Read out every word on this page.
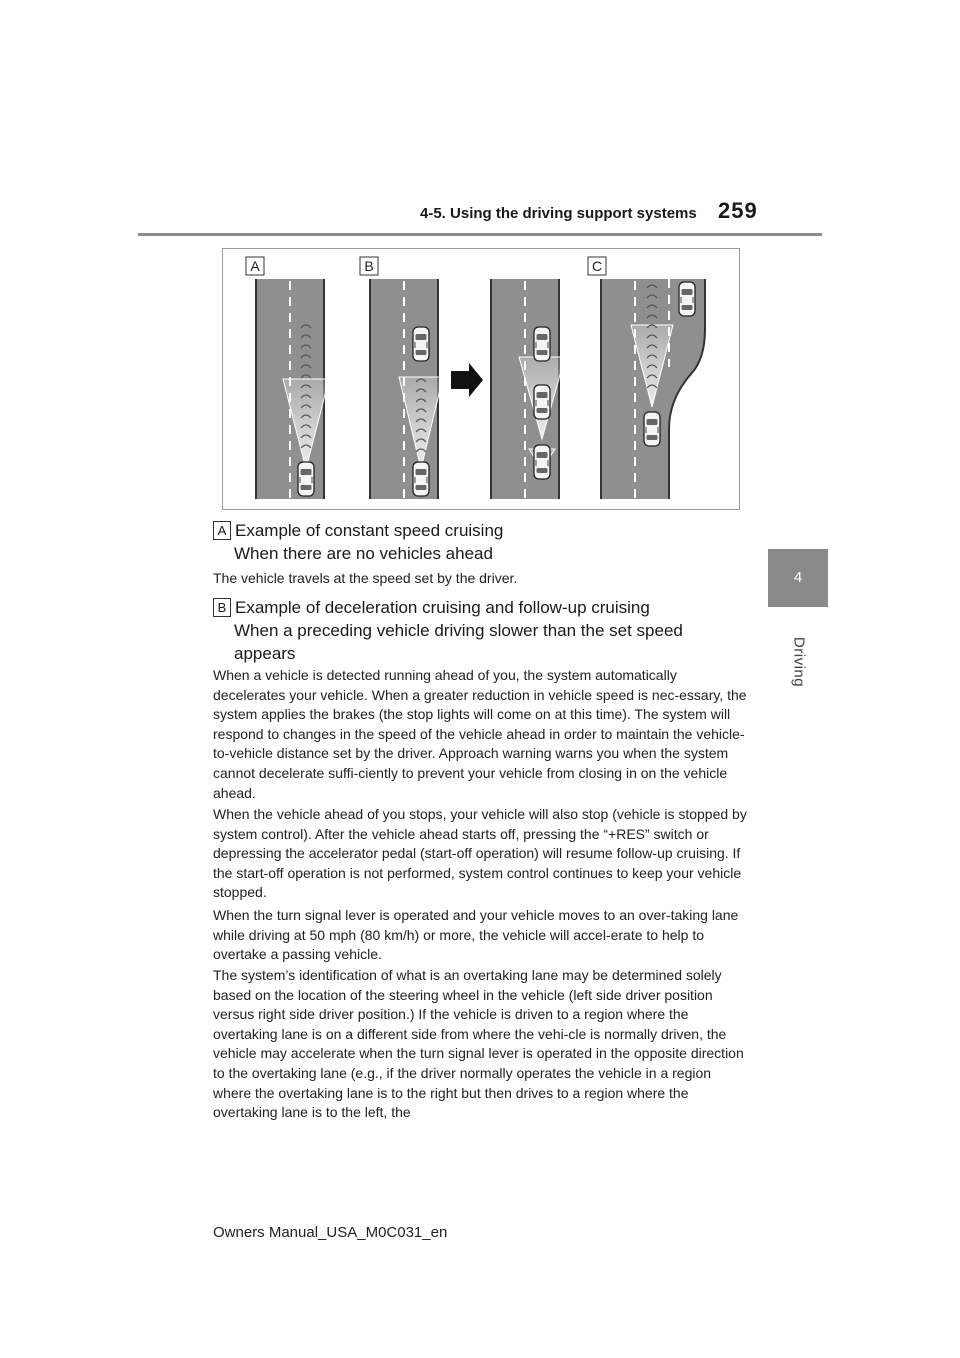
4-5. Using the driving support systems 259
4
Driving
A	B	C
A Example of constant speed cruising
When there are no vehicles ahead
The vehicle travels at the speed set by the driver.
B Example of deceleration cruising and follow-up cruising
When a preceding vehicle driving slower than the set speed
appears
When a vehicle is detected running ahead of you, the system automatically decelerates your vehicle. When a greater reduction in vehicle speed is nec-essary, the system applies the brakes (the stop lights will come on at this time). The system will respond to changes in the speed of the vehicle ahead in order to maintain the vehicle-to-vehicle distance set by the driver. Approach warning warns you when the system cannot decelerate suffi-ciently to prevent your vehicle from closing in on the vehicle ahead.
When the vehicle ahead of you stops, your vehicle will also stop (vehicle is stopped by system control). After the vehicle ahead starts off, pressing the “+RES” switch or depressing the accelerator pedal (start-off operation) will resume follow-up cruising. If the start-off operation is not performed, system control continues to keep your vehicle stopped.
When the turn signal lever is operated and your vehicle moves to an over-taking lane while driving at 50 mph (80 km/h) or more, the vehicle will accel-erate to help to overtake a passing vehicle.
The system’s identification of what is an overtaking lane may be determined solely based on the location of the steering wheel in the vehicle (left side driver position versus right side driver position.) If the vehicle is driven to a region where the overtaking lane is on a different side from where the vehi-cle is normally driven, the vehicle may accelerate when the turn signal lever is operated in the opposite direction to the overtaking lane (e.g., if the driver normally operates the vehicle in a region where the overtaking lane is to the right but then drives to a region where the overtaking lane is to the left, the
Owners Manual_USA_M0C031_en
